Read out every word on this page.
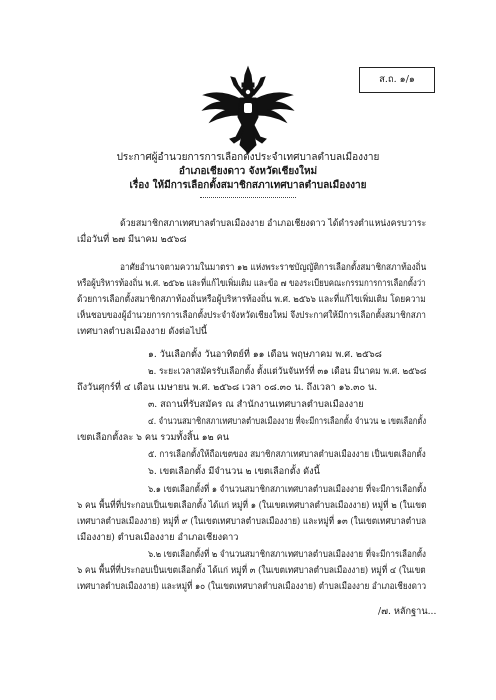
ส.ถ. ๑/๑
ประกาศผู้อำนวยการการเลือกตั้งประจำเทศบาลตำบลเมืองงาย
อำเภอเชียงดาว จังหวัดเชียงใหม่
เรื่อง ให้มีการเลือกตั้งสมาชิกสภาเทศบาลตำบลเมืองงาย
ด้วยสมาชิกสภาเทศบาลตำบลเมืองงาย อำเภอเชียงดาว ได้ดำรงตำแหน่งครบวาระ
เมื่อวันที่ ๒๗ มีนาคม ๒๕๖๘
อาศัยอำนาจตามความในมาตรา ๑๒ แห่งพระราชบัญญัติการเลือกตั้งสมาชิกสภาท้องถิ่น
หรือผู้บริหารท้องถิ่น พ.ศ. ๒๕๖๒ และที่แก้ไขเพิ่มเติม และข้อ ๗ ของระเบียบคณะกรรมการการเลือกตั้งว่า
ด้วยการเลือกตั้งสมาชิกสภาท้องถิ่นหรือผู้บริหารท้องถิ่น พ.ศ. ๒๕๖๖ และที่แก้ไขเพิ่มเติม โดยความ
เห็นชอบของผู้อำนวยการการเลือกตั้งประจำจังหวัดเชียงใหม่ จึงประกาศให้มีการเลือกตั้งสมาชิกสภา
เทศบาลตำบลเมืองงาย ดังต่อไปนี้
๑. วันเลือกตั้ง วันอาทิตย์ที่ ๑๑ เดือน พฤษภาคม พ.ศ. ๒๕๖๘
๒. ระยะเวลาสมัครรับเลือกตั้ง ตั้งแต่วันจันทร์ที่ ๓๑ เดือน มีนาคม พ.ศ. ๒๕๖๘
ถึงวันศุกร์ที่ ๔ เดือน เมษายน พ.ศ. ๒๕๖๘ เวลา ๐๘.๓๐ น. ถึงเวลา ๑๖.๓๐ น.
๓. สถานที่รับสมัคร ณ สำนักงานเทศบาลตำบลเมืองงาย
๔. จำนวนสมาชิกสภาเทศบาลตำบลเมืองงาย ที่จะมีการเลือกตั้ง จำนวน ๒ เขตเลือกตั้ง
เขตเลือกตั้งละ ๖ คน รวมทั้งสิ้น ๑๒ คน
๕. การเลือกตั้งให้ถือเขตของ สมาชิกสภาเทศบาลตำบลเมืองงาย เป็นเขตเลือกตั้ง
๖. เขตเลือกตั้ง มีจำนวน ๒ เขตเลือกตั้ง ดังนี้
๖.๑ เขตเลือกตั้งที่ ๑ จำนวนสมาชิกสภาเทศบาลตำบลเมืองงาย ที่จะมีการเลือกตั้ง
๖ คน พื้นที่ที่ประกอบเป็นเขตเลือกตั้ง ได้แก่ หมู่ที่ ๑ (ในเขตเทศบาลตำบลเมืองงาย) หมู่ที่ ๒ (ในเขต
เทศบาลตำบลเมืองงาย) หมู่ที่ ๙ (ในเขตเทศบาลตำบลเมืองงาย) และหมู่ที่ ๑๓ (ในเขตเทศบาลตำบล
เมืองงาย) ตำบลเมืองงาย อำเภอเชียงดาว
๖.๒ เขตเลือกตั้งที่ ๒ จำนวนสมาชิกสภาเทศบาลตำบลเมืองงาย ที่จะมีการเลือกตั้ง
๖ คน พื้นที่ที่ประกอบเป็นเขตเลือกตั้ง ได้แก่ หมู่ที่ ๓ (ในเขตเทศบาลตำบลเมืองงาย) หมู่ที่ ๔ (ในเขต
เทศบาลตำบลเมืองงาย) และหมู่ที่ ๑๐ (ในเขตเทศบาลตำบลเมืองงาย) ตำบลเมืองงาย อำเภอเชียงดาว
/๗. หลักฐาน...
